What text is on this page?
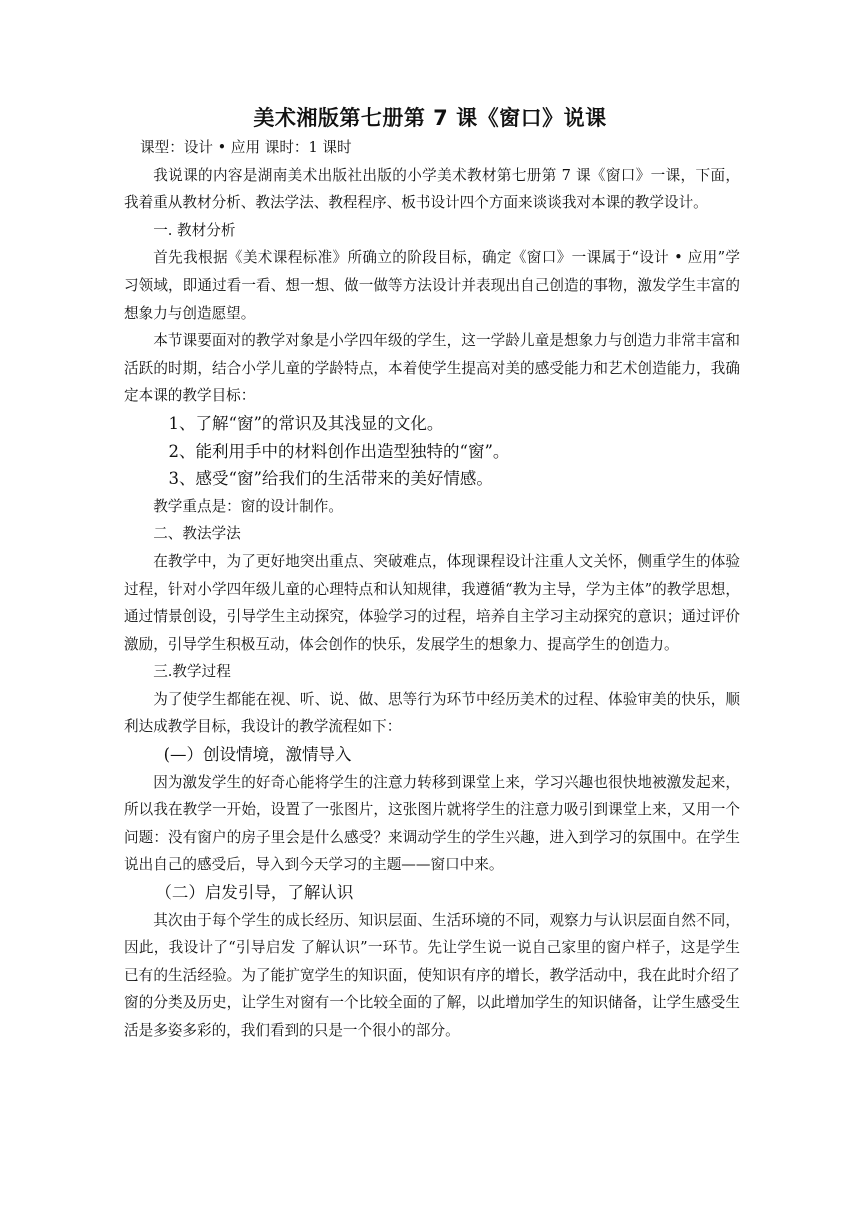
美术湘版第七册第 7 课《窗口》说课

课型：设计 • 应用 课时：1 课时

我说课的内容是湖南美术出版社出版的小学美术教材第七册第 7 课《窗口》一课，下面，我着重从教材分析、教法学法、教程程序、板书设计四个方面来谈谈我对本课的教学设计。

一. 教材分析

首先我根据《美术课程标准》所确立的阶段目标，确定《窗口》一课属于“设计 • 应用”学习领域，即通过看一看、想一想、做一做等方法设计并表现出自己创造的事物，激发学生丰富的想象力与创造愿望。

本节课要面对的教学对象是小学四年级的学生，这一学龄儿童是想象力与创造力非常丰富和活跃的时期，结合小学儿童的学龄特点，本着使学生提高对美的感受能力和艺术创造能力，我确定本课的教学目标：

1、了解“窗”的常识及其浅显的文化。

2、能利用手中的材料创作出造型独特的“窗”。

3、感受“窗”给我们的生活带来的美好情感。

教学重点是：窗的设计制作。

二、教法学法

在教学中，为了更好地突出重点、突破难点，体现课程设计注重人文关怀，侧重学生的体验过程，针对小学四年级儿童的心理特点和认知规律，我遵循“教为主导，学为主体”的教学思想，通过情景创设，引导学生主动探究，体验学习的过程，培养自主学习主动探究的意识；通过评价激励，引导学生积极互动，体会创作的快乐，发展学生的想象力、提高学生的创造力。

三.教学过程

为了使学生都能在视、听、说、做、思等行为环节中经历美术的过程、体验审美的快乐，顺利达成教学目标，我设计的教学流程如下：

(—）创设情境，激情导入

因为激发学生的好奇心能将学生的注意力转移到课堂上来，学习兴趣也很快地被激发起来，所以我在教学一开始，设置了一张图片，这张图片就将学生的注意力吸引到课堂上来，又用一个问题：没有窗户的房子里会是什么感受？来调动学生的学生兴趣，进入到学习的氛围中。在学生说出自己的感受后，导入到今天学习的主题——窗口中来。

（二）启发引导，了解认识

其次由于每个学生的成长经历、知识层面、生活环境的不同，观察力与认识层面自然不同，因此，我设计了“引导启发 了解认识”一环节。先让学生说一说自己家里的窗户样子，这是学生已有的生活经验。为了能扩宽学生的知识面，使知识有序的增长，教学活动中，我在此时介绍了窗的分类及历史，让学生对窗有一个比较全面的了解，以此增加学生的知识储备，让学生感受生活是多姿多彩的，我们看到的只是一个很小的部分。
